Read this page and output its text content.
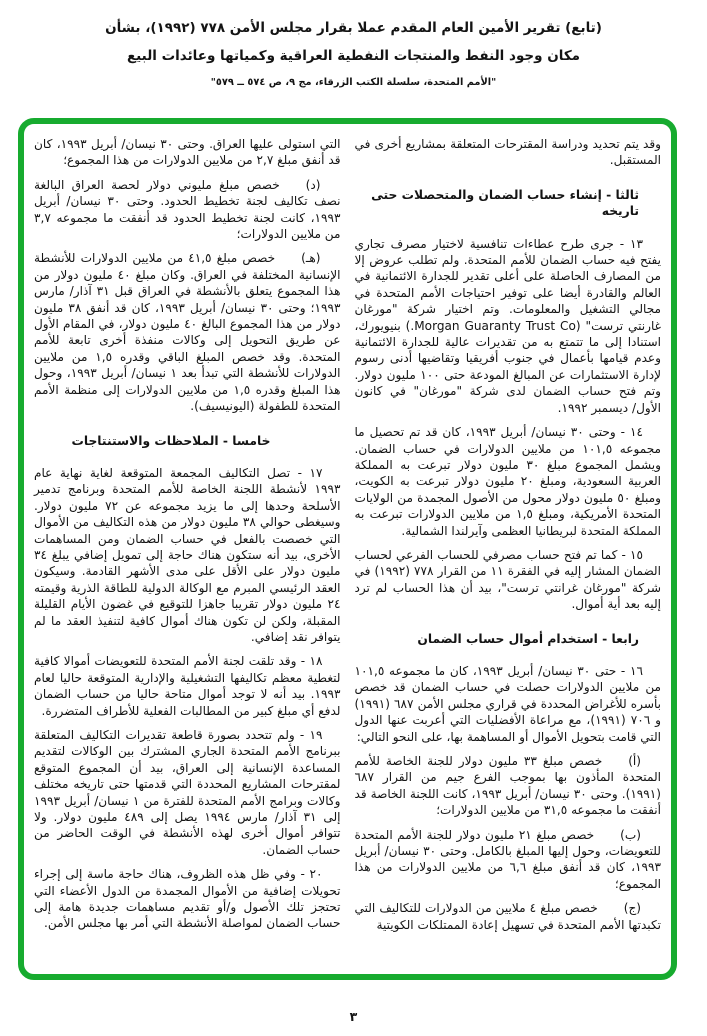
(تابع) تقرير الأمين العام المقدم عملا بقرار مجلس الأمن ٧٧٨ (١٩٩٢)، بشأن

مكان وجود النفط والمنتجات النفطية العراقية وكمياتها وعائدات البيع

"الأمم المتحدة، سلسلة الكتب الزرقاء، مج ٩، ص ٥٧٤ ــ ٥٧٩"

وقد يتم تحديد ودراسة المقترحات المتعلقة بمشاريع أخرى في المستقبل.

ثالثا - إنشاء حساب الضمان والمتحصلات حتى تاريخه

١٣ - جرى طرح عطاءات تنافسية لاختيار مصرف تجاري يفتح فيه حساب الضمان للأمم المتحدة. ولم تطلب عروض إلا من المصارف الحاصلة على أعلى تقدير للجدارة الائتمانية في العالم والقادرة أيضا على توفير احتياجات الأمم المتحدة في مجالي التشغيل والمعلومات. وتم اختيار شركة "مورغان غارنتي ترست" (Morgan Guaranty Trust Co.) بنيويورك، استنادا إلى ما تتمتع به من تقديرات عالية للجدارة الائتمانية وعدم قيامها بأعمال في جنوب أفريقيا وتقاضيها أدنى رسوم لإدارة الاستثمارات عن المبالغ المودعة حتى ١٠٠ مليون دولار. وتم فتح حساب الضمان لدى شركة "مورغان" في كانون الأول/ ديسمبر ١٩٩٢.

١٤ - وحتى ٣٠ نيسان/ أبريل ١٩٩٣، كان قد تم تحصيل ما مجموعه ١٠١,٥ من ملايين الدولارات في حساب الضمان. ويشمل المجموع مبلغ ٣٠ مليون دولار تبرعت به المملكة العربية السعودية، ومبلغ ٢٠ مليون دولار تبرعت به الكويت، ومبلغ ٥٠ مليون دولار محول من الأصول المجمدة من الولايات المتحدة الأمريكية، ومبلغ ١,٥ من ملايين الدولارات تبرعت به المملكة المتحدة لبريطانيا العظمى وآيرلندا الشمالية.

١٥ - كما تم فتح حساب مصرفي للحساب الفرعي لحساب الضمان المشار إليه في الفقرة ١١ من القرار ٧٧٨ (١٩٩٢) في شركة "مورغان غرانتي ترست"، بيد أن هذا الحساب لم ترد إليه بعد أية أموال.

رابعا - استخدام أموال حساب الضمان

١٦ - حتى ٣٠ نيسان/ أبريل ١٩٩٣، كان ما مجموعه ١٠١,٥ من ملايين الدولارات حصلت في حساب الضمان قد خصص بأسره للأغراض المحددة في قراري مجلس الأمن ٦٨٧ (١٩٩١) و ٧٠٦ (١٩٩١)، مع مراعاة الأفضليات التي أعربت عنها الدول التي قامت بتحويل الأموال أو المساهمة بها، على النحو التالي:

(أ)خصص مبلغ ٣٣ مليون دولار للجنة الخاصة للأمم المتحدة المأذون بها بموجب الفرع جيم من القرار ٦٨٧ (١٩٩١). وحتى ٣٠ نيسان/ أبريل ١٩٩٣، كانت اللجنة الخاصة قد أنفقت ما مجموعه ٣١,٥ من ملايين الدولارات؛

(ب)خصص مبلغ ٢١ مليون دولار للجنة الأمم المتحدة للتعويضات، وحول إليها المبلغ بالكامل. وحتى ٣٠ نيسان/ أبريل ١٩٩٣، كان قد أنفق مبلغ ٦,٦ من ملايين الدولارات من هذا المجموع؛

(ج)خصص مبلغ ٤ ملايين من الدولارات للتكاليف التي تكبدتها الأمم المتحدة في تسهيل إعادة الممتلكات الكويتية

التي استولى عليها العراق. وحتى ٣٠ نيسان/ أبريل ١٩٩٣، كان قد أنفق مبلغ ٢,٧ من ملايين الدولارات من هذا المجموع؛

(د)خصص مبلغ مليوني دولار لحصة العراق البالغة نصف تكاليف لجنة تخطيط الحدود. وحتى ٣٠ نيسان/ أبريل ١٩٩٣، كانت لجنة تخطيط الحدود قد أنفقت ما مجموعه ٣,٧ من ملايين الدولارات؛

(هـ)خصص مبلغ ٤١,٥ من ملايين الدولارات للأنشطة الإنسانية المختلفة في العراق. وكان مبلغ ٤٠ مليون دولار من هذا المجموع يتعلق بالأنشطة في العراق قبل ٣١ آذار/ مارس ١٩٩٣؛ وحتى ٣٠ نيسان/ أبريل ١٩٩٣، كان قد أنفق ٣٨ مليون دولار من هذا المجموع البالغ ٤٠ مليون دولار، في المقام الأول عن طريق التحويل إلى وكالات منفذة أخرى تابعة للأمم المتحدة. وقد خصص المبلغ الباقي وقدره ١,٥ من ملايين الدولارات للأنشطة التي تبدأ بعد ١ نيسان/ أبريل ١٩٩٣، وحول هذا المبلغ وقدره ١,٥ من ملايين الدولارات إلى منظمة الأمم المتحدة للطفولة (اليونيسيف).

خامسا - الملاحظات والاستنتاجات

١٧ - تصل التكاليف المجمعة المتوقعة لغاية نهاية عام ١٩٩٣ لأنشطة اللجنة الخاصة للأمم المتحدة وبرنامج تدمير الأسلحة وحدها إلى ما يزيد مجموعه عن ٧٢ مليون دولار. وسيغطى حوالي ٣٨ مليون دولار من هذه التكاليف من الأموال التي خصصت بالفعل في حساب الضمان ومن المساهمات الأخرى، بيد أنه ستكون هناك حاجة إلى تمويل إضافي يبلغ ٣٤ مليون دولار على الأقل على مدى الأشهر القادمة. وسيكون العقد الرئيسي المبرم مع الوكالة الدولية للطاقة الذرية وقيمته ٢٤ مليون دولار تقريبا جاهزا للتوقيع في غضون الأيام القليلة المقبلة، ولكن لن تكون هناك أموال كافية لتنفيذ العقد ما لم يتوافر نقد إضافي.

١٨ - وقد تلقت لجنة الأمم المتحدة للتعويضات أموالا كافية لتغطية معظم تكاليفها التشغيلية والإدارية المتوقعة حاليا لعام ١٩٩٣. بيد أنه لا توجد أموال متاحة حاليا من حساب الضمان لدفع أي مبلغ كبير من المطالبات الفعلية للأطراف المتضررة.

١٩ - ولم تتحدد بصورة قاطعة تقديرات التكاليف المتعلقة ببرنامج الأمم المتحدة الجاري المشترك بين الوكالات لتقديم المساعدة الإنسانية إلى العراق، بيد أن المجموع المتوقع لمقترحات المشاريع المحددة التي قدمتها حتى تاريخه مختلف وكالات وبرامج الأمم المتحدة للفترة من ١ نيسان/ أبريل ١٩٩٣ إلى ٣١ آذار/ مارس ١٩٩٤ يصل إلى ٤٨٩ مليون دولار. ولا تتوافر أموال أخرى لهذه الأنشطة في الوقت الحاضر من حساب الضمان.

٢٠ - وفي ظل هذه الظروف، هناك حاجة ماسة إلى إجراء تحويلات إضافية من الأموال المجمدة من الدول الأعضاء التي تحتجز تلك الأصول و/أو تقديم مساهمات جديدة هامة إلى حساب الضمان لمواصلة الأنشطة التي أمر بها مجلس الأمن.

٣
